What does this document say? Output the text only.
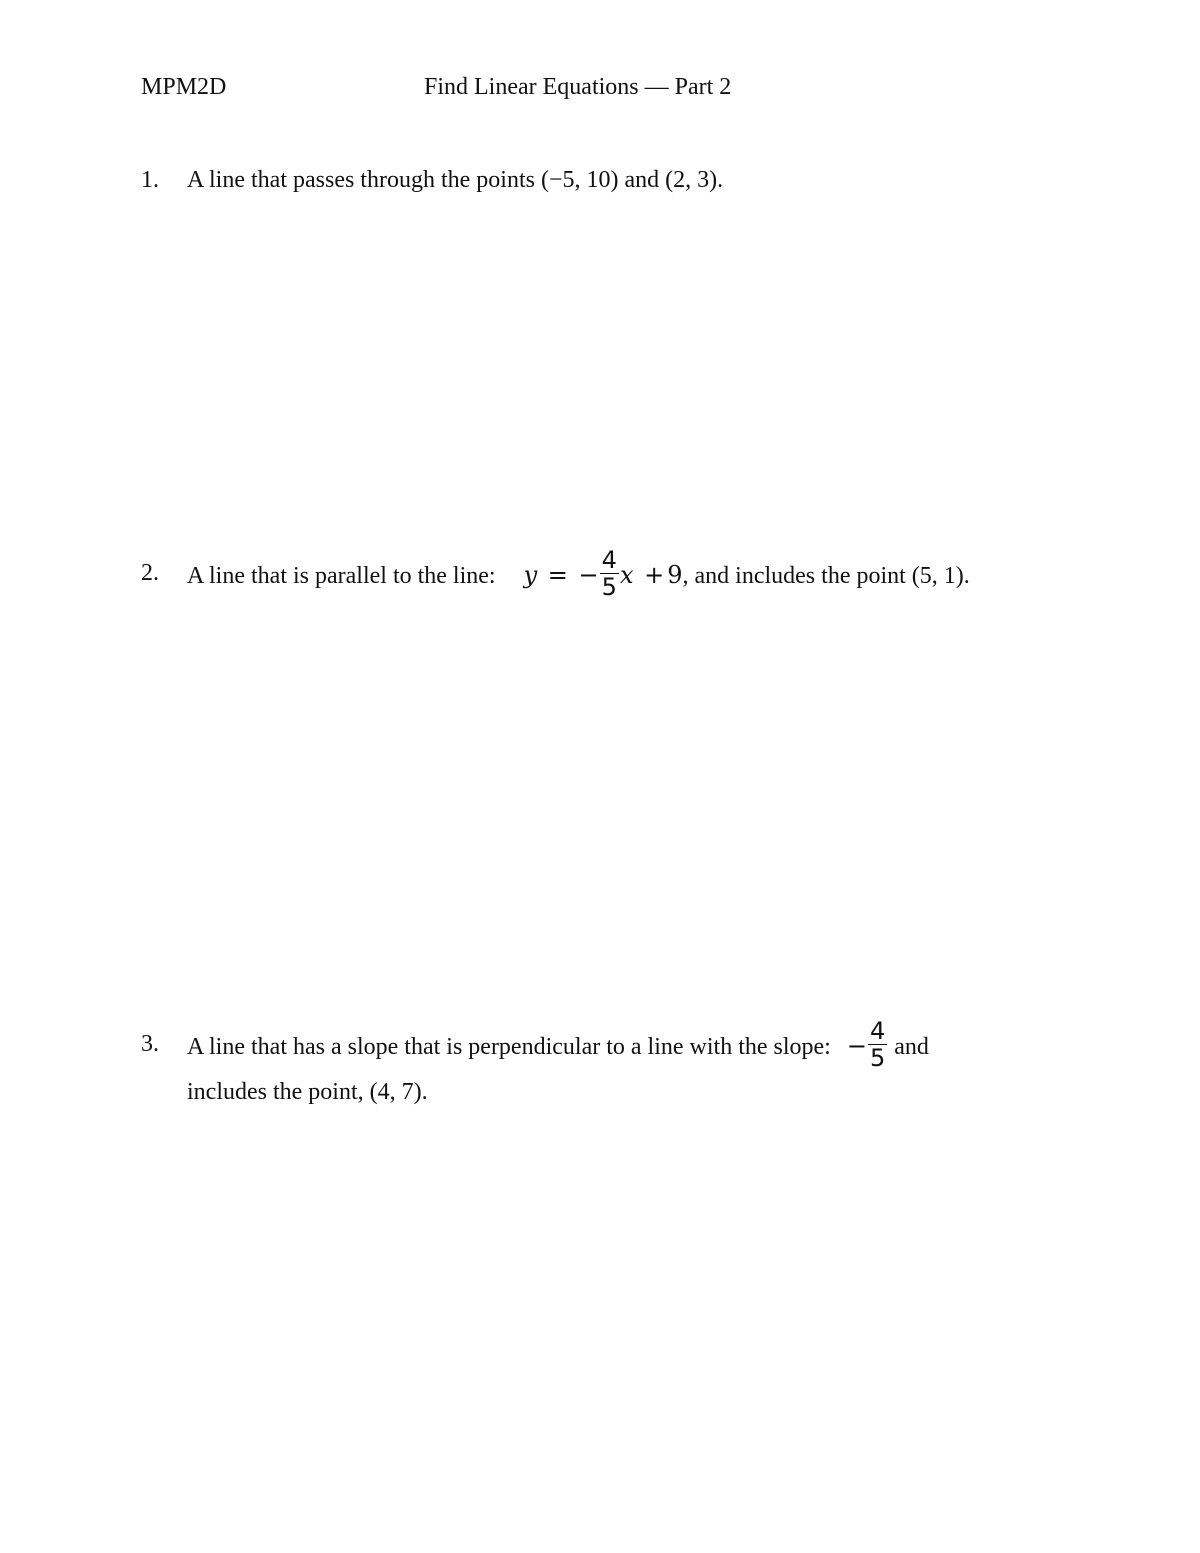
MPM2D	Find Linear Equations — Part 2
1. A line that passes through the points (−5, 10) and (2, 3).
2. A line that is parallel to the line: y = − $\frac{4}{5}$ x + 9, and includes the point (5, 1).
3. A line that has a slope that is perpendicular to a line with the slope: − $\frac{4}{5}$ and
includes the point, (4, 7).
